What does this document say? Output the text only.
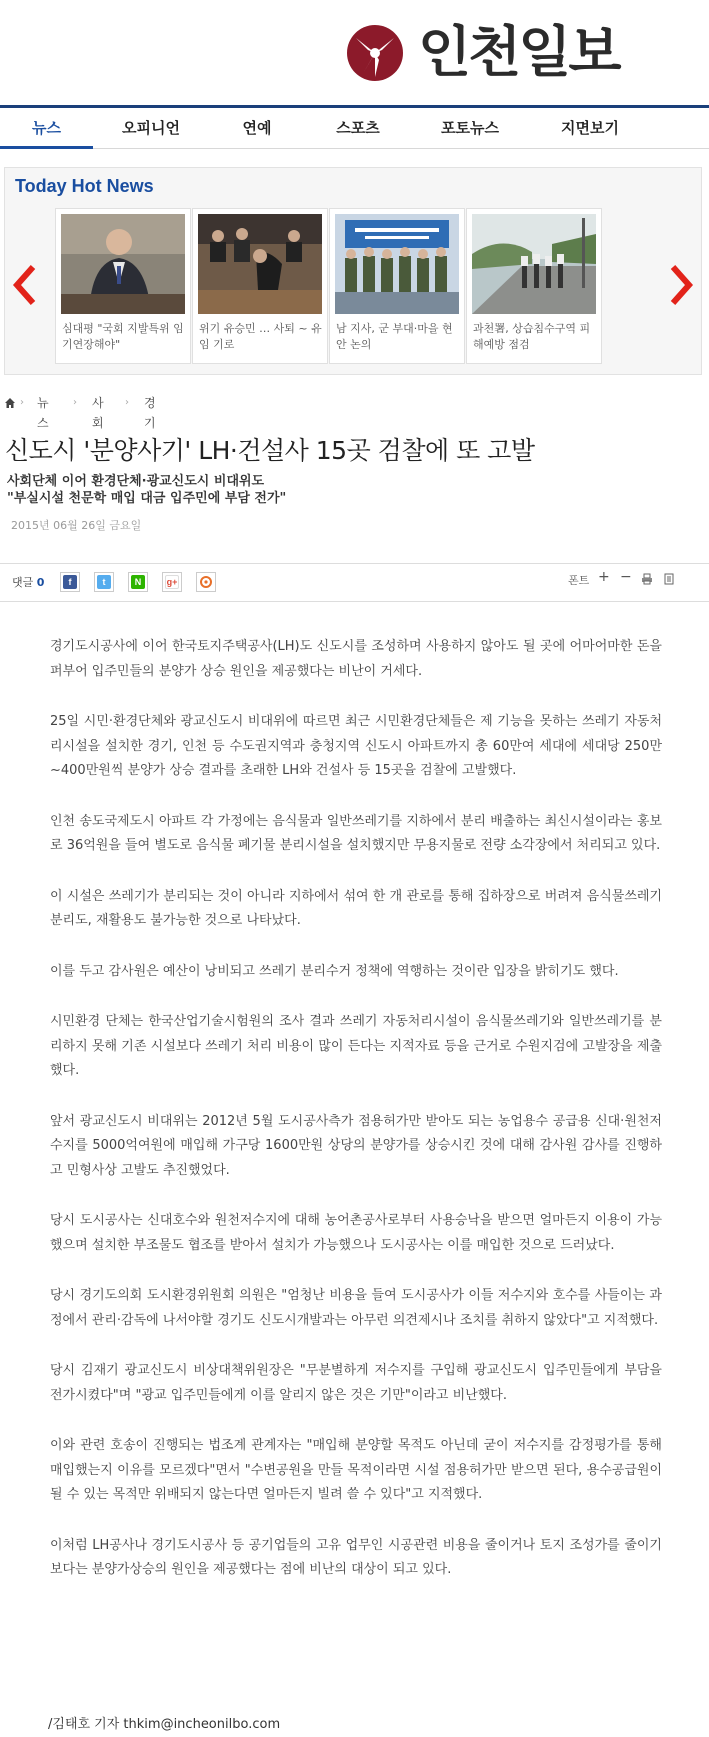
인천일보
뉴스	오피니언	연예	스포츠	포토뉴스	지면보기
Today Hot News
심대평 "국회 지발특위 임기연장해야"
위기 유승민 … 사퇴 ~ 유임 기로
남 지사, 군 부대·마을 현안 논의
과천署, 상습침수구역 피해예방 점검
› 뉴스
› 사회
› 경기
신도시 '분양사기' LH·건설사 15곳 검찰에 또 고발
사회단체 이어 환경단체·광교신도시 비대위도
"부실시설 천문학 매입 대금 입주민에 부담 전가"
2015년 06월 26일 금요일
댓글 0	f	t	N	g+	폰트 + −

경기도시공사에 이어 한국토지주택공사(LH)도 신도시를 조성하며 사용하지 않아도 될 곳에 어마어마한 돈을 퍼부어 입주민들의 분양가 상승 원인을 제공했다는 비난이 거세다.

25일 시민·환경단체와 광교신도시 비대위에 따르면 최근 시민환경단체들은 제 기능을 못하는 쓰레기 자동처리시설을 설치한 경기, 인천 등 수도권지역과 충청지역 신도시 아파트까지 총 60만여 세대에 세대당 250만~400만원씩 분양가 상승 결과를 초래한 LH와 건설사 등 15곳을 검찰에 고발했다.

인천 송도국제도시 아파트 각 가정에는 음식물과 일반쓰레기를 지하에서 분리 배출하는 최신시설이라는 홍보로 36억원을 들여 별도로 음식물 폐기물 분리시설을 설치했지만 무용지물로 전량 소각장에서 처리되고 있다.

이 시설은 쓰레기가 분리되는 것이 아니라 지하에서 섞여 한 개 관로를 통해 집하장으로 버려져 음식물쓰레기 분리도, 재활용도 불가능한 것으로 나타났다.

이를 두고 감사원은 예산이 낭비되고 쓰레기 분리수거 정책에 역행하는 것이란 입장을 밝히기도 했다.

시민환경 단체는 한국산업기술시험원의 조사 결과 쓰레기 자동처리시설이 음식물쓰레기와 일반쓰레기를 분리하지 못해 기존 시설보다 쓰레기 처리 비용이 많이 든다는 지적자료 등을 근거로 수원지검에 고발장을 제출했다.

앞서 광교신도시 비대위는 2012년 5월 도시공사측가 점용허가만 받아도 되는 농업용수 공급용 신대·원천저수지를 5000억여원에 매입해 가구당 1600만원 상당의 분양가를 상승시킨 것에 대해 감사원 감사를 진행하고 민형사상 고발도 추진했었다.

당시 도시공사는 신대호수와 원천저수지에 대해 농어촌공사로부터 사용승낙을 받으면 얼마든지 이용이 가능했으며 설치한 부조물도 협조를 받아서 설치가 가능했으나 도시공사는 이를 매입한 것으로 드러났다.

당시 경기도의회 도시환경위원회 의원은 "엄청난 비용을 들여 도시공사가 이들 저수지와 호수를 사들이는 과정에서 관리·감독에 나서야할 경기도 신도시개발과는 아무런 의견제시나 조치를 취하지 않았다"고 지적했다.

당시 김재기 광교신도시 비상대책위원장은 "무분별하게 저수지를 구입해 광교신도시 입주민들에게 부담을 전가시켰다"며 "광교 입주민들에게 이를 알리지 않은 것은 기만"이라고 비난했다.

이와 관련 호송이 진행되는 법조계 관계자는 "매입해 분양할 목적도 아닌데 굳이 저수지를 감정평가를 통해 매입했는지 이유를 모르겠다"면서 "수변공원을 만들 목적이라면 시설 점용허가만 받으면 된다, 용수공급원이 될 수 있는 목적만 위배되지 않는다면 얼마든지 빌려 쓸 수 있다"고 지적했다.

이처럼 LH공사나 경기도시공사 등 공기업들의 고유 업무인 시공관련 비용을 줄이거나 토지 조성가를 줄이기 보다는 분양가상승의 원인을 제공했다는 점에 비난의 대상이 되고 있다.

/김태호 기자 thkim@incheonilbo.com
